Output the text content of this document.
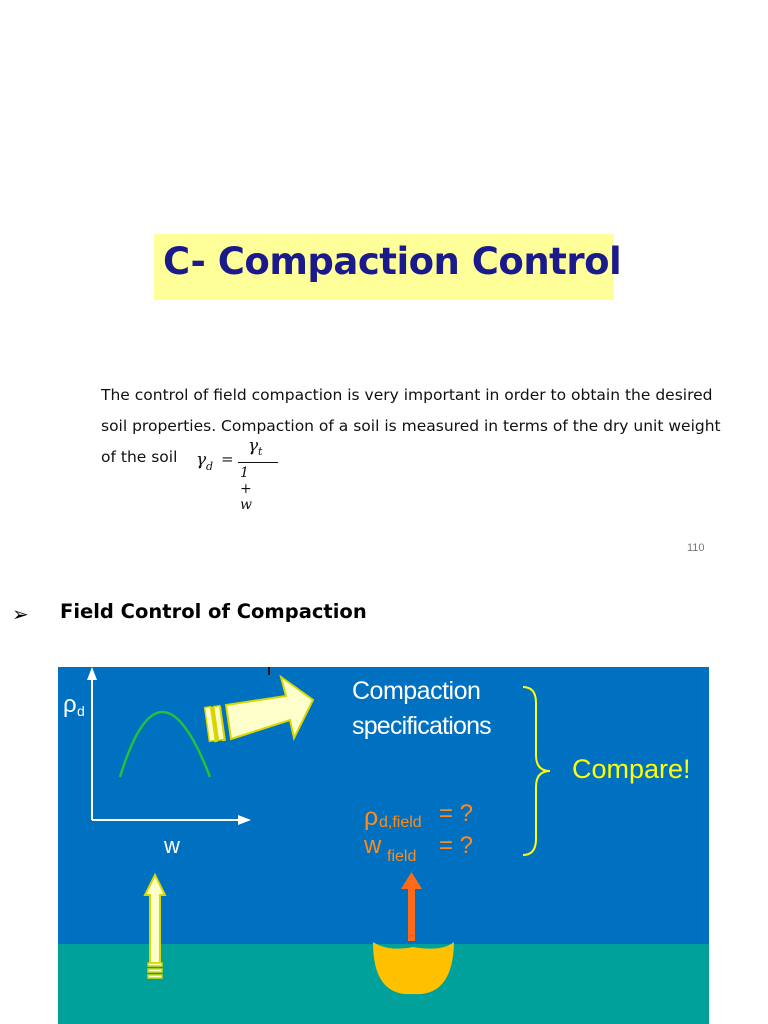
C- Compaction Control
The control of field compaction is very important in order to obtain the desired
soil properties. Compaction of a soil is measured in terms of the dry unit weight
of the soil	γ d =
γ t
1 + w
110
➢ Field Control of Compaction
ρ d
w
Compaction
specifications
Compare!
ρ d,field = ?
w field = ?
